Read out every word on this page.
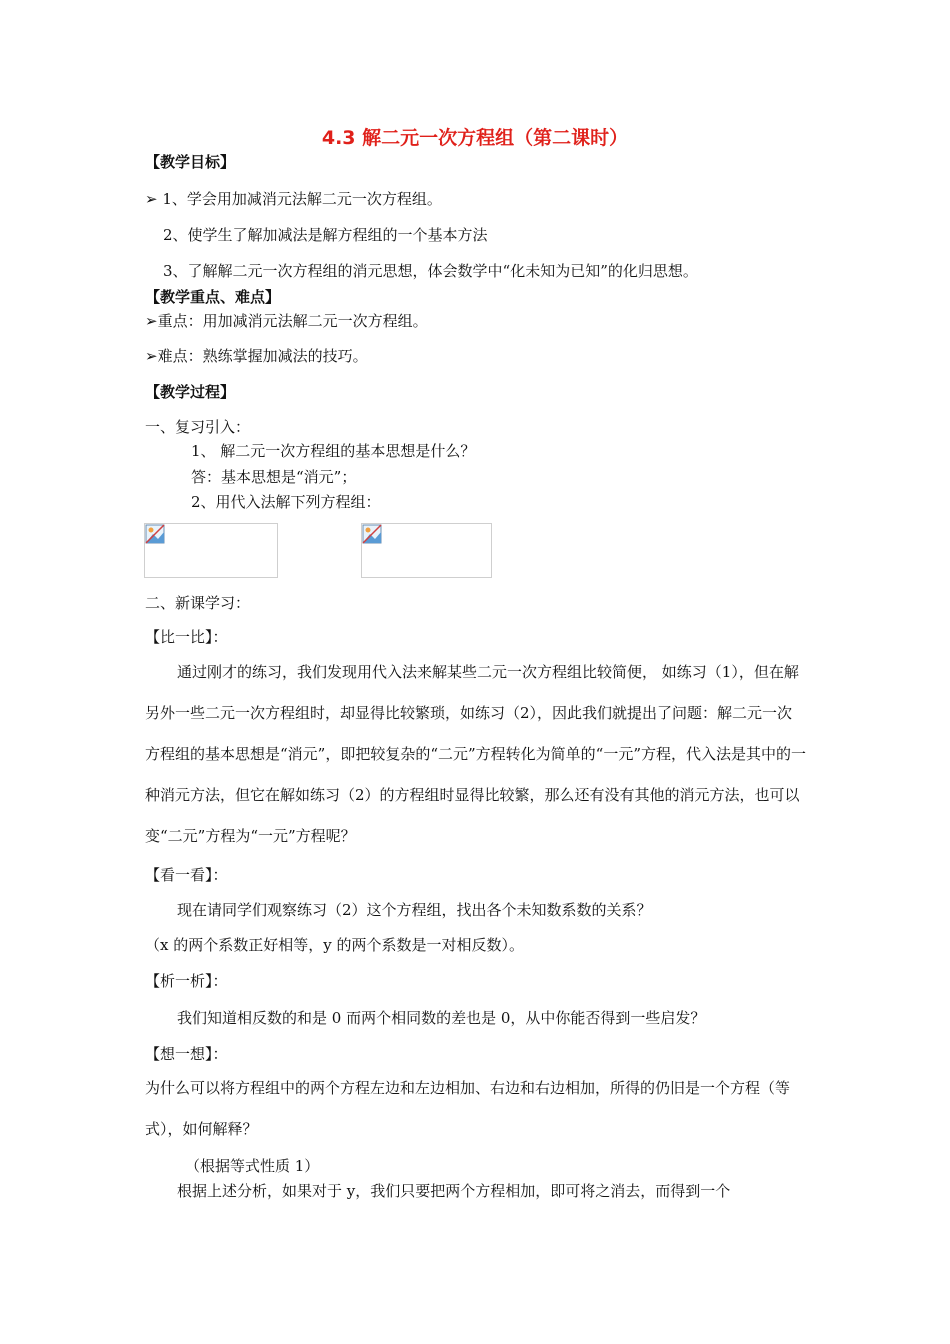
4.3 解二元一次方程组（第二课时）
【教学目标】
➢ 1、学会用加减消元法解二元一次方程组。
2、使学生了解加减法是解方程组的一个基本方法
3、了解解二元一次方程组的消元思想，体会数学中“化未知为已知”的化归思想。
【教学重点、难点】
➢重点：用加减消元法解二元一次方程组。
➢难点：熟练掌握加减法的技巧。
【教学过程】
一、复习引入：
1、 解二元一次方程组的基本思想是什么？
答：基本思想是“消元”；
2、用代入法解下列方程组：
二、新课学习：
【比一比】：
通过刚才的练习，我们发现用代入法来解某些二元一次方程组比较简便， 如练习（1），但在解另外一些二元一次方程组时，却显得比较繁琐，如练习（2），因此我们就提出了问题：解二元一次方程组的基本思想是“消元”，即把较复杂的“二元”方程转化为简单的“一元”方程，代入法是其中的一种消元方法，但它在解如练习（2）的方程组时显得比较繁，那么还有没有其他的消元方法，也可以变“二元”方程为“一元”方程呢？
【看一看】：
现在请同学们观察练习（2）这个方程组，找出各个未知数系数的关系？
（x 的两个系数正好相等，y 的两个系数是一对相反数）。
【析一析】：
我们知道相反数的和是 0 而两个相同数的差也是 0，从中你能否得到一些启发？
【想一想】：
为什么可以将方程组中的两个方程左边和左边相加、右边和右边相加，所得的仍旧是一个方程（等式），如何解释？
（根据等式性质 1）
根据上述分析，如果对于 y，我们只要把两个方程相加，即可将之消去，而得到一个
